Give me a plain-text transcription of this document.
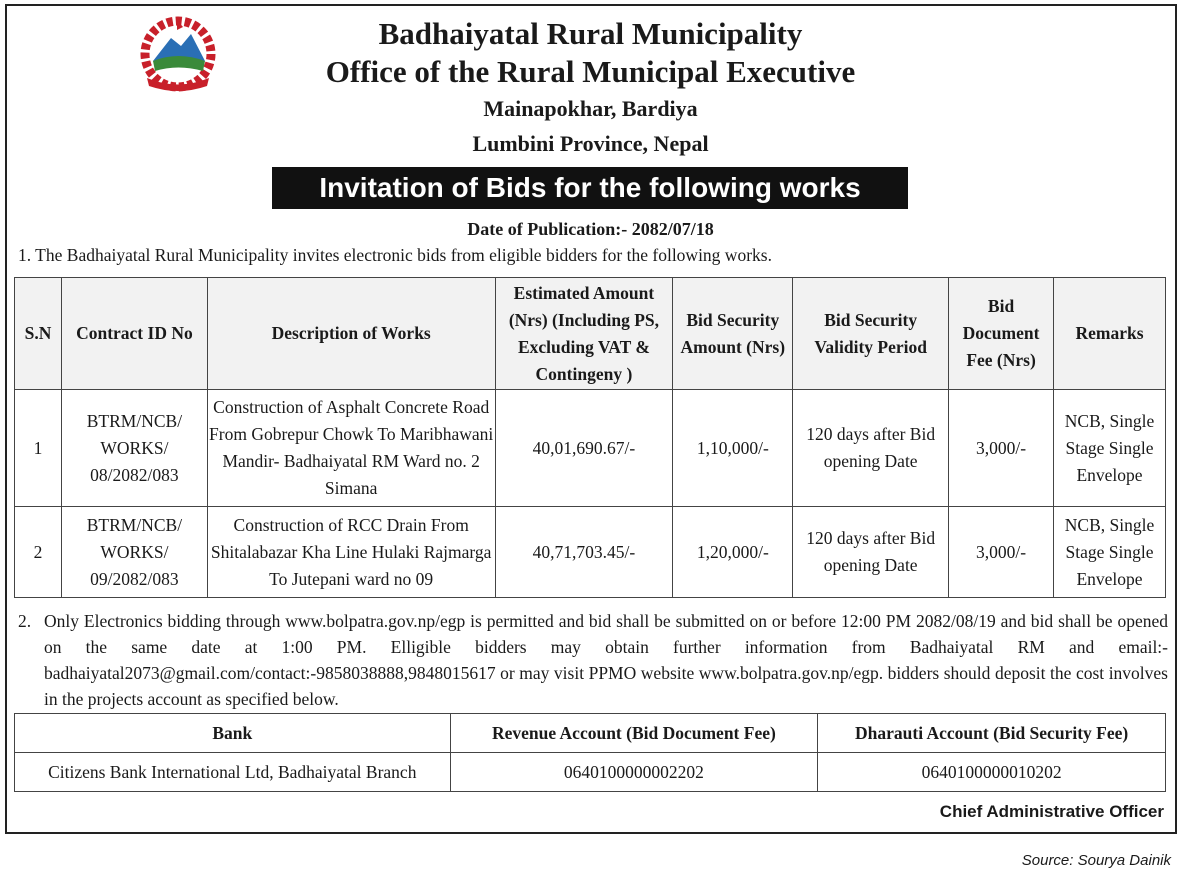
Badhaiyatal Rural Municipality
Office of the Rural Municipal Executive
Mainapokhar, Bardiya
Lumbini Province, Nepal
Invitation of Bids for the following works
Date of Publication:- 2082/07/18
1. The Badhaiyatal Rural Municipality invites electronic bids from eligible bidders for the following works.
S.N	Contract ID No	Description of Works	Estimated Amount (Nrs) (Including PS, Excluding VAT & Contingeny )	Bid Security Amount (Nrs)	Bid Security Validity Period	Bid Document Fee (Nrs)	Remarks
1	BTRM/NCB/ WORKS/ 08/2082/083	Construction of Asphalt Concrete Road From Gobrepur Chowk To Maribhawani Mandir- Badhaiyatal RM Ward no. 2 Simana	40,01,690.67/-	1,10,000/-	120 days after Bid opening Date	3,000/-	NCB, Single Stage Single Envelope
2	BTRM/NCB/ WORKS/ 09/2082/083	Construction of RCC Drain From Shitalabazar Kha Line Hulaki Rajmarga To Jutepani ward no 09	40,71,703.45/-	1,20,000/-	120 days after Bid opening Date	3,000/-	NCB, Single Stage Single Envelope
2. Only Electronics bidding through www.bolpatra.gov.np/egp is permitted and bid shall be submitted on or before 12:00 PM 2082/08/19 and bid shall be opened on the same date at 1:00 PM. Elligible bidders may obtain further information from Badhaiyatal RM and email:-badhaiyatal2073@gmail.com/contact:-9858038888,9848015617 or may visit PPMO website www.bolpatra.gov.np/egp. bidders should deposit the cost involves in the projects account as specified below.
Bank	Revenue Account (Bid Document Fee)	Dharauti Account (Bid Security Fee)
Citizens Bank International Ltd, Badhaiyatal Branch	0640100000002202	0640100000010202
Chief Administrative Officer
Source: Sourya Dainik
